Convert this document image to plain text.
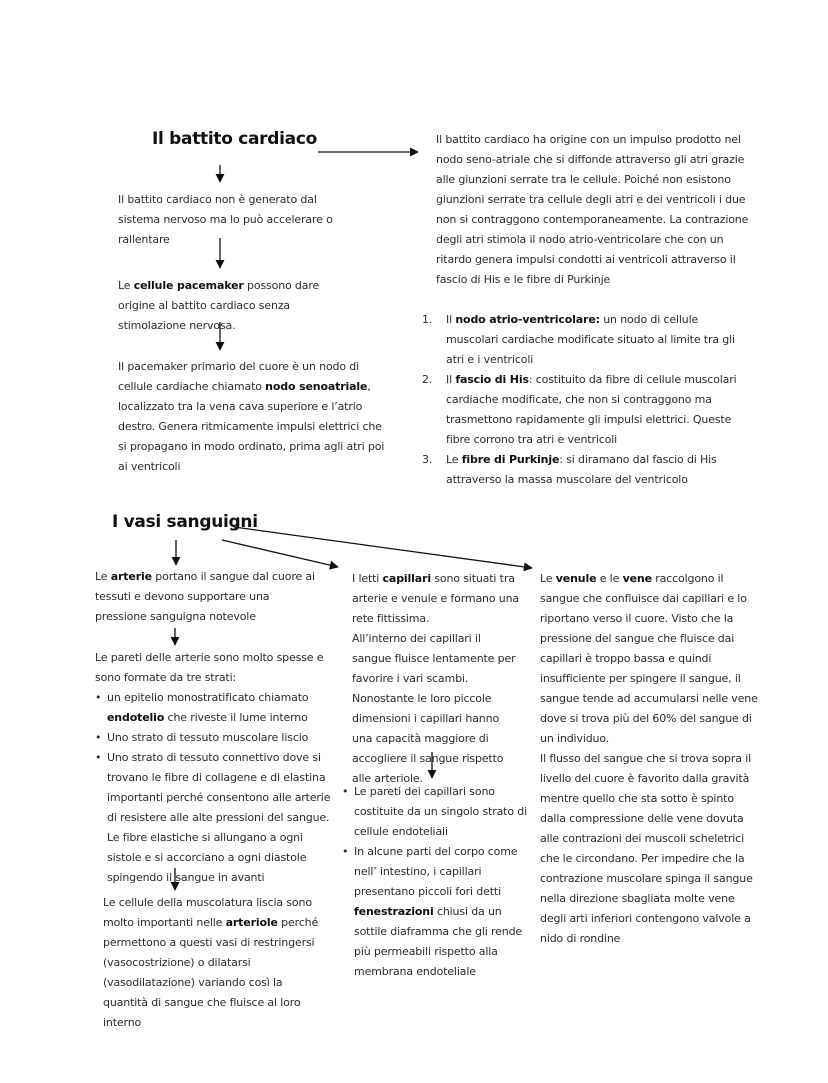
Il battito cardiaco

Il battito cardiaco non è generato dal sistema nervoso ma lo può accelerare o rallentare

Le cellule pacemaker possono dare origine al battito cardiaco senza stimolazione nervosa.

Il pacemaker primario del cuore è un nodo di cellule cardiache chiamato nodo senoatriale, localizzato tra la vena cava superiore e l’atrio destro. Genera ritmicamente impulsi elettrici che si propagano in modo ordinato, prima agli atri poi ai ventricoli

Il battito cardiaco ha origine con un impulso prodotto nel nodo seno-atriale che si diffonde attraverso gli atri grazie alle giunzioni serrate tra le cellule. Poiché non esistono giunzioni serrate tra cellule degli atri e dei ventricoli i due non si contraggono contemporaneamente. La contrazione degli atri stimola il nodo atrio-ventricolare che con un ritardo genera impulsi condotti ai ventricoli attraverso il fascio di His e le fibre di Purkinje

1.	Il nodo atrio-ventricolare: un nodo di cellule muscolari cardiache modificate situato al limite tra gli atri e i ventricoli
2.	Il fascio di His: costituito da fibre di cellule muscolari cardiache modificate, che non si contraggono ma trasmettono rapidamente gli impulsi elettrici. Queste fibre corrono tra atri e ventricoli
3.	Le fibre di Purkinje: si diramano dal fascio di His attraverso la massa muscolare del ventricolo
I vasi sanguigni

Le arterie portano il sangue dal cuore ai tessuti e devono supportare una pressione sanguigna notevole

Le pareti delle arterie sono molto spesse e sono formate da tre strati:

• un epitelio monostratificato chiamato endotelio che riveste il lume interno
• Uno strato di tessuto muscolare liscio
• Uno strato di tessuto connettivo dove si trovano le fibre di collagene e di elastina importanti perché consentono alle arterie di resistere alle alte pressioni del sangue. Le fibre elastiche si allungano a ogni sistole e si accorciano a ogni diastole spingendo il sangue in avanti

Le cellule della muscolatura liscia sono molto importanti nelle arteriole perché permettono a questi vasi di restringersi (vasocostrizione) o dilatarsi (vasodilatazione) variando così la quantità di sangue che fluisce al loro interno

I letti capillari sono situati tra arterie e venule e formano una rete fittissima.

All’interno dei capillari il sangue fluisce lentamente per favorire i vari scambi. Nonostante le loro piccole dimensioni i capillari hanno una capacità maggiore di accogliere il sangue rispetto alle arteriole.

• Le pareti dei capillari sono costituite da un singolo strato di cellule endoteliali
• In alcune parti del corpo come nell’ intestino, i capillari presentano piccoli fori detti fenestrazioni chiusi da un sottile diaframma che gli rende più permeabili rispetto alla membrana endoteliale

Le venule e le vene raccolgono il sangue che confluisce dai capillari e lo riportano verso il cuore. Visto che la pressione del sangue che fluisce dai capillari è troppo bassa e quindi insufficiente per spingere il sangue, il sangue tende ad accumularsi nelle vene dove si trova più del 60% del sangue di un individuo.

Il flusso del sangue che si trova sopra il livello del cuore è favorito dalla gravità mentre quello che sta sotto è spinto dalla compressione delle vene dovuta alle contrazioni dei muscoli scheletrici che le circondano. Per impedire che la contrazione muscolare spinga il sangue nella direzione sbagliata molte vene degli arti inferiori contengono valvole a nido di rondine
